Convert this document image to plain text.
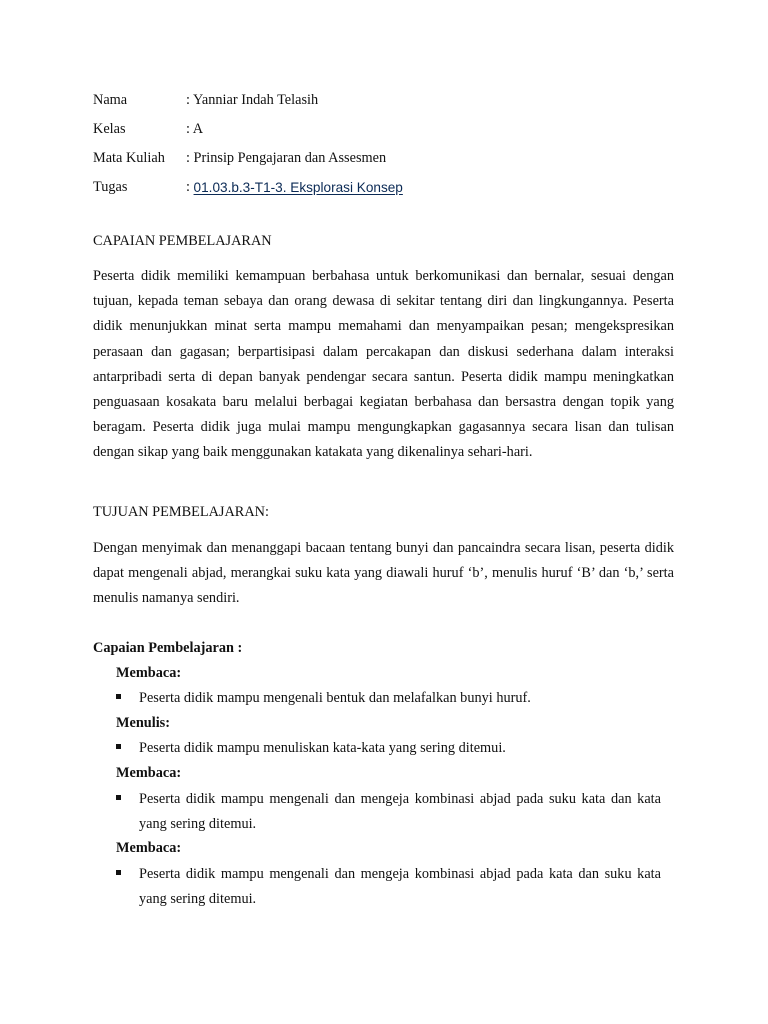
Nama	: Yanniar Indah Telasih
Kelas	: A
Mata Kuliah	: Prinsip Pengajaran dan Assesmen
Tugas	: 01.03.b.3-T1-3. Eksplorasi Konsep
CAPAIAN PEMBELAJARAN
Peserta didik memiliki kemampuan berbahasa untuk berkomunikasi dan bernalar, sesuai dengan tujuan, kepada teman sebaya dan orang dewasa di sekitar tentang diri dan lingkungannya. Peserta didik menunjukkan minat serta mampu memahami dan menyampaikan pesan; mengekspresikan perasaan dan gagasan; berpartisipasi dalam percakapan dan diskusi sederhana dalam interaksi antarpribadi serta di depan banyak pendengar secara santun. Peserta didik mampu meningkatkan penguasaan kosakata baru melalui berbagai kegiatan berbahasa dan bersastra dengan topik yang beragam. Peserta didik juga mulai mampu mengungkapkan gagasannya secara lisan dan tulisan dengan sikap yang baik menggunakan katakata yang dikenalinya sehari-hari.
TUJUAN PEMBELAJARAN:
Dengan menyimak dan menanggapi bacaan tentang bunyi dan pancaindra secara lisan, peserta didik dapat mengenali abjad, merangkai suku kata yang diawali huruf ‘b’, menulis huruf ‘B’ dan ‘b,’ serta menulis namanya sendiri.
Capaian Pembelajaran :
Membaca:
Peserta didik mampu mengenali bentuk dan melafalkan bunyi huruf.
Menulis:
Peserta didik mampu menuliskan kata-kata yang sering ditemui.
Membaca:
Peserta didik mampu mengenali dan mengeja kombinasi abjad pada suku kata dan kata yang sering ditemui.
Membaca:
Peserta didik mampu mengenali dan mengeja kombinasi abjad pada kata dan suku kata yang sering ditemui.
